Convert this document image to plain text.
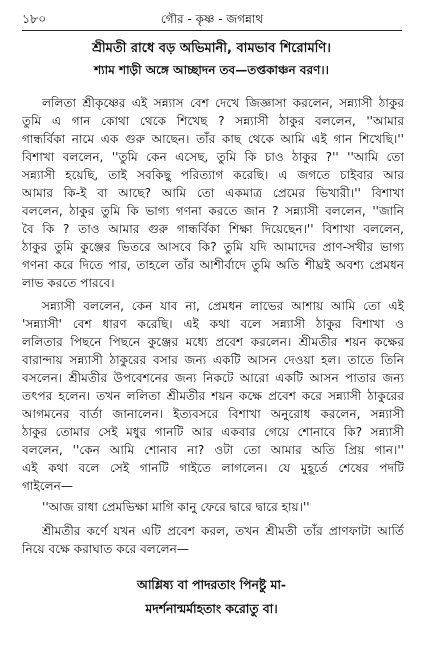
১৮০	গৌর - কৃষ্ণ - জগন্নাথ
শ্রীমতী রাধে বড় অভিমানী, বামভাব শিরোমণি।
শ্যাম শাড়ী অঙ্গে আচ্ছাদন তব—তপ্তকাঞ্চন বরণ।।
ললিতা শ্রীকৃষ্ণের এই সন্ন্যাস বেশ দেখে জিজ্ঞাসা করলেন, সন্ন্যাসী ঠাকুর
তুমি এ গান কোথা থেকে শিখেছ ? সন্ন্যাসী ঠাকুর বললেন, ''আমার
গান্ধর্বিকা নামে এক গুরু আছেন। তাঁর কাছ থেকে আমি এই গান শিখেছি।''
বিশাখা বললেন, ''তুমি কেন এসেছ, তুমি কি চাও ঠাকুর ?'' ''আমি তো
সন্ন্যাসী হয়েছি, তাই সবকিছু পরিত্যাগ করেছি। এ জগতে চাইবার আর
আমার কি-ই বা আছে? আমি তো একমাত্র প্রেমের ভিখারী।'' বিশাখা
বললেন, ঠাকুর তুমি কি ভাগ্য গণনা করতে জান ? সন্ন্যাসী বললেন, ''জানি
বৈ কি ? তাও আমার গুরু গান্ধর্বিকা শিক্ষা দিয়েছেন।'' বিশাখা বললেন,
ঠাকুর তুমি কুঞ্জের ভিতরে আসবে কি? তুমি যদি আমাদের প্রাণ-সখীর ভাগ্য
গণনা করে দিতে পার, তাহলে তাঁর আশীর্বাদে তুমি অতি শীঘ্রই অবশ্য প্রেমধন
লাভ করতে পারবে।
সন্ন্যাসী বললেন, কেন যাব না, প্রেমধন লাভের আশায় আমি তো এই
'সন্ন্যাসী' বেশ ধারণ করেছি। এই কথা বলে সন্ন্যাসী ঠাকুর বিশাখা ও
ললিতার পিছনে পিছনে কুঞ্জের মধ্যে প্রবেশ করলেন। শ্রীমতীর শয়ন কক্ষের
বারান্দায় সন্ন্যাসী ঠাকুরের বসার জন্য একটি আসন দেওয়া হল। তাতে তিনি
বসলেন। শ্রীমতীর উপবেশনের জন্য নিকটে আরো একটি আসন পাতার জন্য
তৎপর হলেন। তখন ললিতা শ্রীমতীর শয়ন কক্ষে প্রবেশ করে সন্ন্যাসী ঠাকুরের
আগমনের বার্তা জানালেন। ইত্যবসরে বিশাখা অনুরোধ করলেন, সন্ন্যাসী
ঠাকুর তোমার সেই মধুর গানটি আর একবার গেয়ে শোনাবে কি? সন্ন্যাসী
বললেন, ''কেন আমি শোনাব না? ওটা তো আমার অতি প্রিয় গান।''
এই কথা বলে সেই গানটি গাইতে লাগলেন। যে মুহূর্তে শেষের পদটি
গাইলেন—
''আজ রাধা প্রেমভিক্ষা মাগি কানু ফেরে দ্বারে দ্বারে হায়।''
শ্রীমতীর কর্ণে যখন এটি প্রবেশ করল, তখন শ্রীমতী তাঁর প্রাণফাটা আর্তি
নিয়ে বক্ষে করাঘাত করে বললেন—
আশ্লিষ্য বা পাদরতাং পিনষ্টু মা-
মদর্শনান্মর্মাহতাং করোতু বা।
